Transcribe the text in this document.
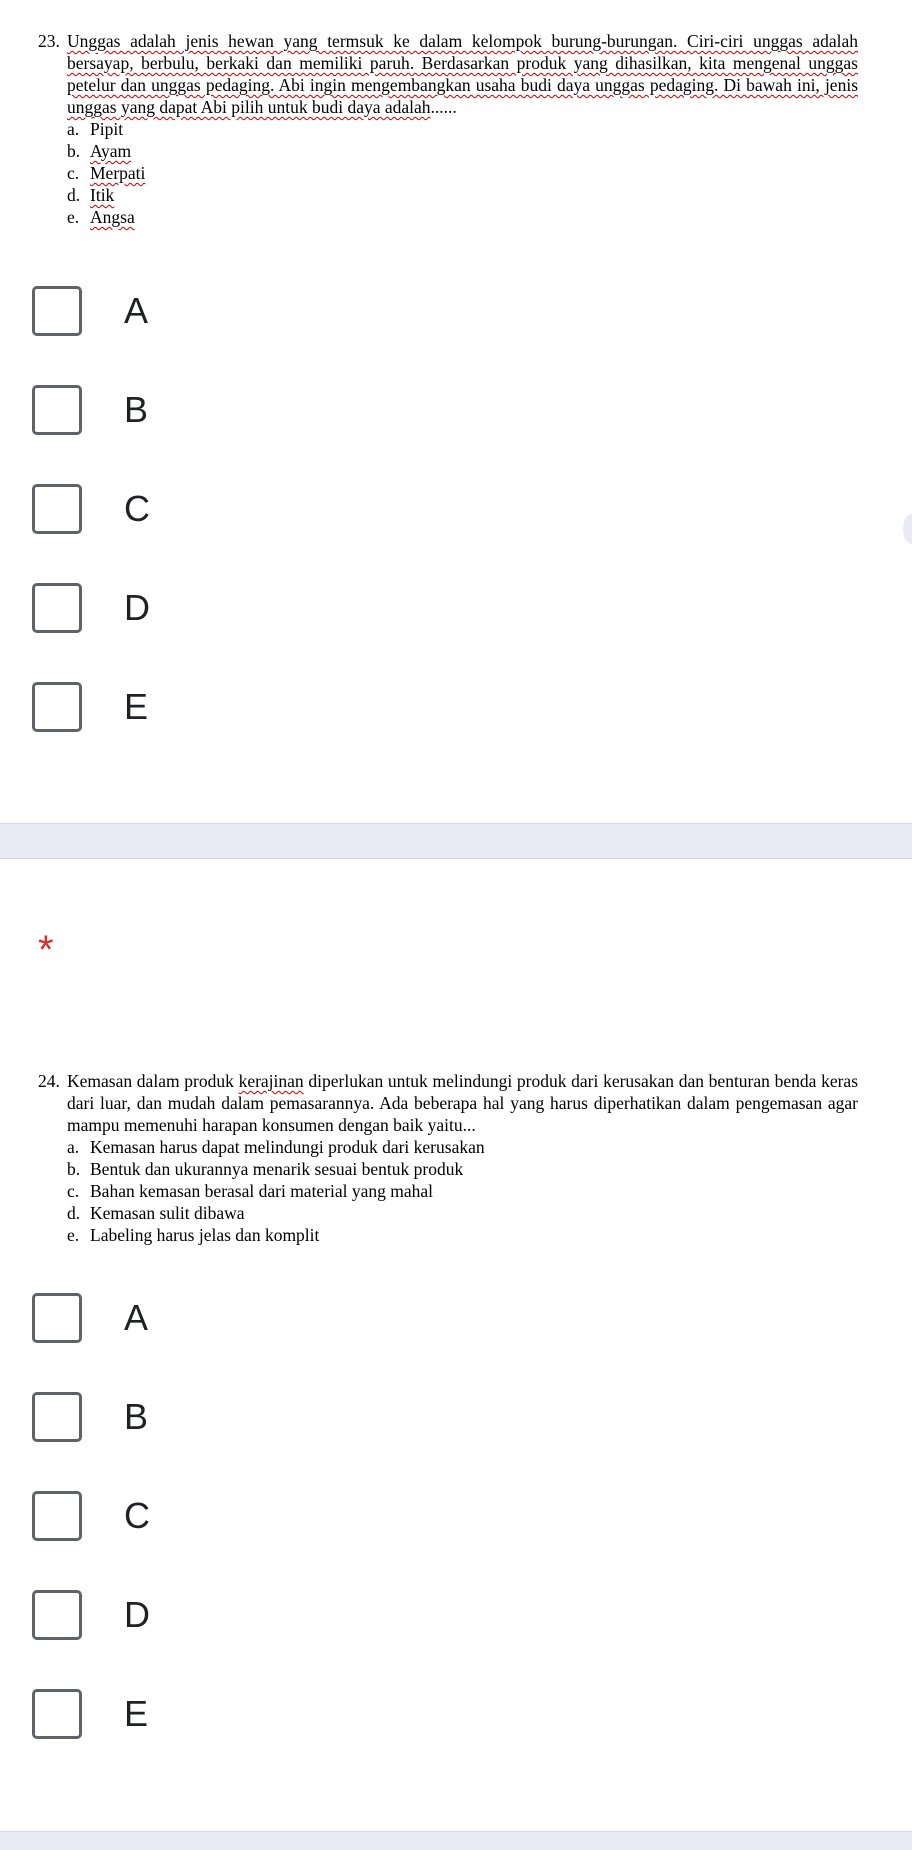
23. Unggas adalah jenis hewan yang termsuk ke dalam kelompok burung-burungan. Ciri-ciri unggas adalah bersayap, berbulu, berkaki dan memiliki paruh. Berdasarkan produk yang dihasilkan, kita mengenal unggas petelur dan unggas pedaging. Abi ingin mengembangkan usaha budi daya unggas pedaging. Di bawah ini, jenis unggas yang dapat Abi pilih untuk budi daya adalah......
a. Pipit
b. Ayam
c. Merpati
d. Itik
e. Angsa
A
B
C
D
E
*
24. Kemasan dalam produk kerajinan diperlukan untuk melindungi produk dari kerusakan dan benturan benda keras dari luar, dan mudah dalam pemasarannya. Ada beberapa hal yang harus diperhatikan dalam pengemasan agar mampu memenuhi harapan konsumen dengan baik yaitu...
a. Kemasan harus dapat melindungi produk dari kerusakan
b. Bentuk dan ukurannya menarik sesuai bentuk produk
c. Bahan kemasan berasal dari material yang mahal
d. Kemasan sulit dibawa
e. Labeling harus jelas dan komplit
A
B
C
D
E
